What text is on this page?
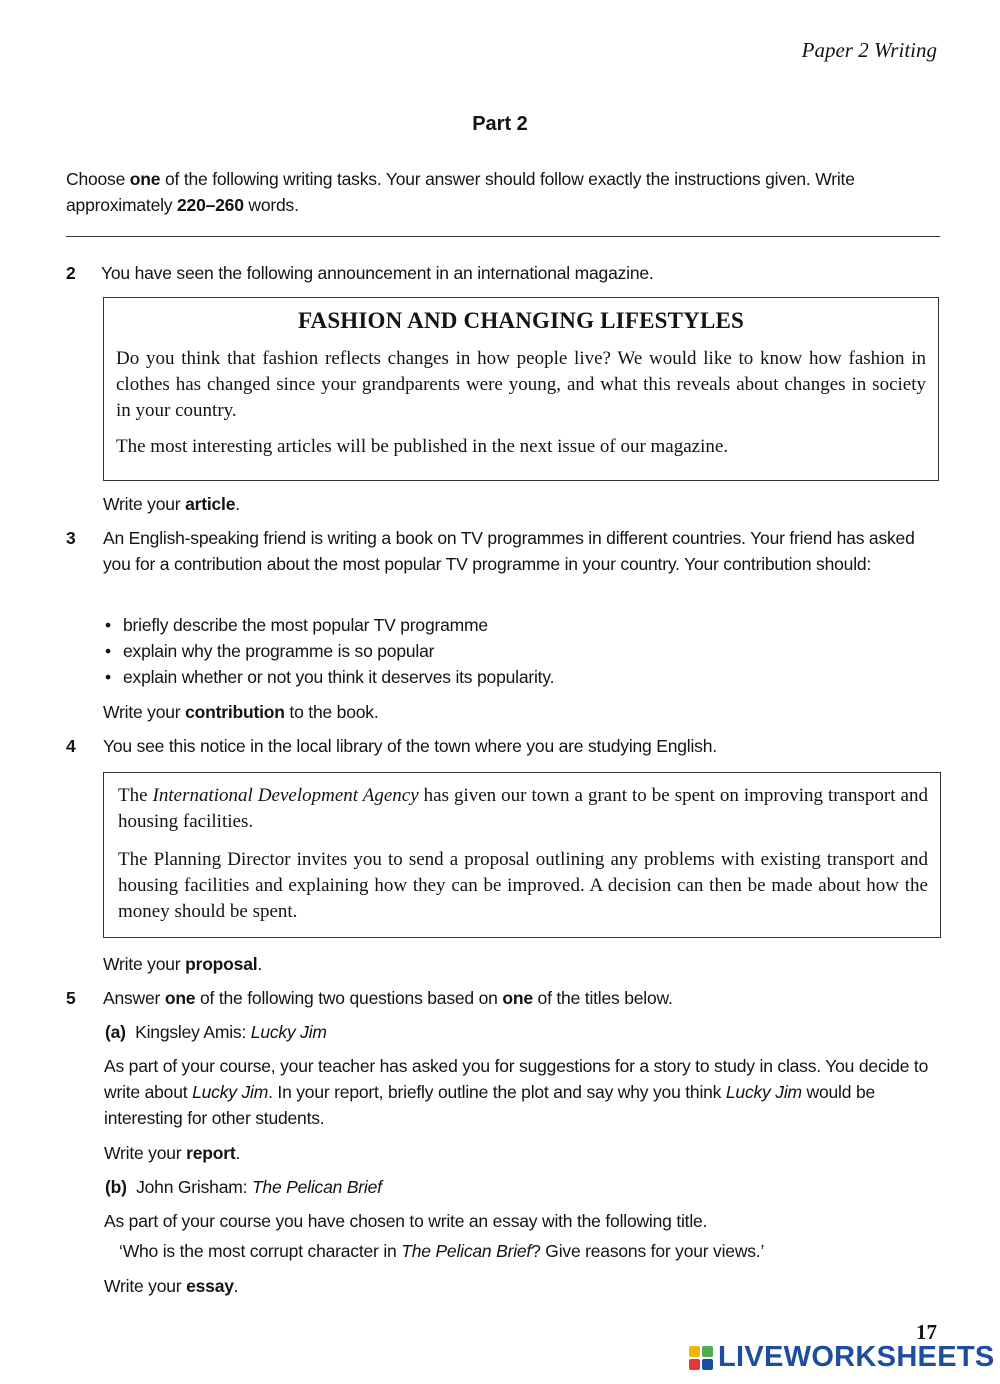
Paper 2 Writing
Part 2
Choose one of the following writing tasks. Your answer should follow exactly the instructions given. Write approximately 220–260 words.
2 You have seen the following announcement in an international magazine.
FASHION AND CHANGING LIFESTYLES

Do you think that fashion reflects changes in how people live? We would like to know how fashion in clothes has changed since your grandparents were young, and what this reveals about changes in society in your country.

The most interesting articles will be published in the next issue of our magazine.

Write your article.
3 An English-speaking friend is writing a book on TV programmes in different countries. Your friend has asked you for a contribution about the most popular TV programme in your country. Your contribution should:
• briefly describe the most popular TV programme
• explain why the programme is so popular
• explain whether or not you think it deserves its popularity.
Write your contribution to the book.
4 You see this notice in the local library of the town where you are studying English.

The International Development Agency has given our town a grant to be spent on improving transport and housing facilities.

The Planning Director invites you to send a proposal outlining any problems with existing transport and housing facilities and explaining how they can be improved. A decision can then be made about how the money should be spent.

Write your proposal.
5 Answer one of the following two questions based on one of the titles below.
(a) Kingsley Amis: Lucky Jim
As part of your course, your teacher has asked you for suggestions for a story to study in class. You decide to write about Lucky Jim. In your report, briefly outline the plot and say why you think Lucky Jim would be interesting for other students.
Write your report.
(b) John Grisham: The Pelican Brief
As part of your course you have chosen to write an essay with the following title.
‘Who is the most corrupt character in The Pelican Brief? Give reasons for your views.’
Write your essay.
17
LIVEWORKSHEETS
